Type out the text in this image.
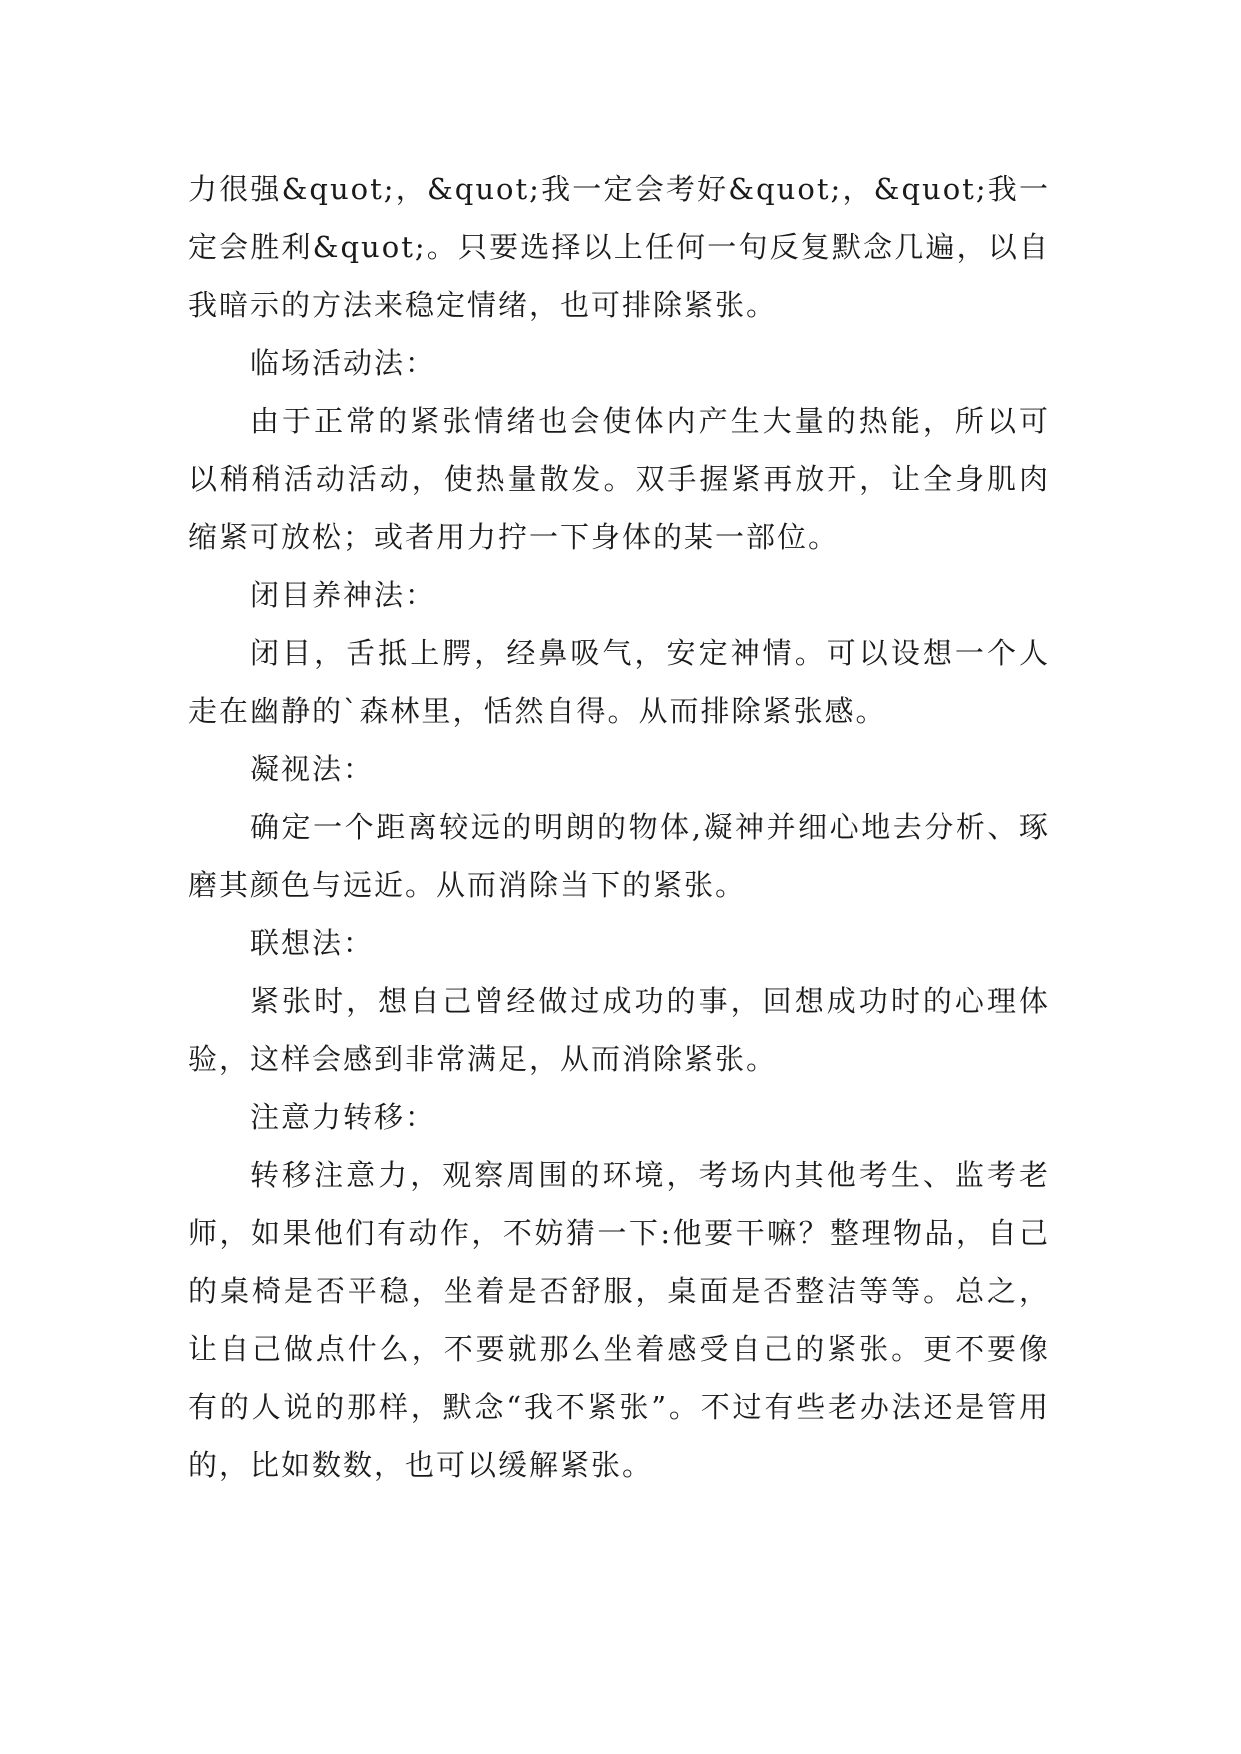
力很强&quot;，&quot;我一定会考好&quot;，&quot;我一定会胜利&quot;。只要选择以上任何一句反复默念几遍，以自我暗示的方法来稳定情绪，也可排除紧张。

临场活动法：

由于正常的紧张情绪也会使体内产生大量的热能，所以可以稍稍活动活动，使热量散发。双手握紧再放开，让全身肌肉缩紧可放松；或者用力拧一下身体的某一部位。

闭目养神法：

闭目，舌抵上腭，经鼻吸气，安定神情。可以设想一个人走在幽静的`森林里，恬然自得。从而排除紧张感。

凝视法：

确定一个距离较远的明朗的物体,凝神并细心地去分析、琢磨其颜色与远近。从而消除当下的紧张。

联想法：

紧张时，想自己曾经做过成功的事，回想成功时的心理体验，这样会感到非常满足，从而消除紧张。

注意力转移：

转移注意力，观察周围的环境，考场内其他考生、监考老师，如果他们有动作，不妨猜一下:他要干嘛？整理物品，自己的桌椅是否平稳，坐着是否舒服，桌面是否整洁等等。总之，让自己做点什么，不要就那么坐着感受自己的紧张。更不要像有的人说的那样，默念“我不紧张”。不过有些老办法还是管用的，比如数数，也可以缓解紧张。
